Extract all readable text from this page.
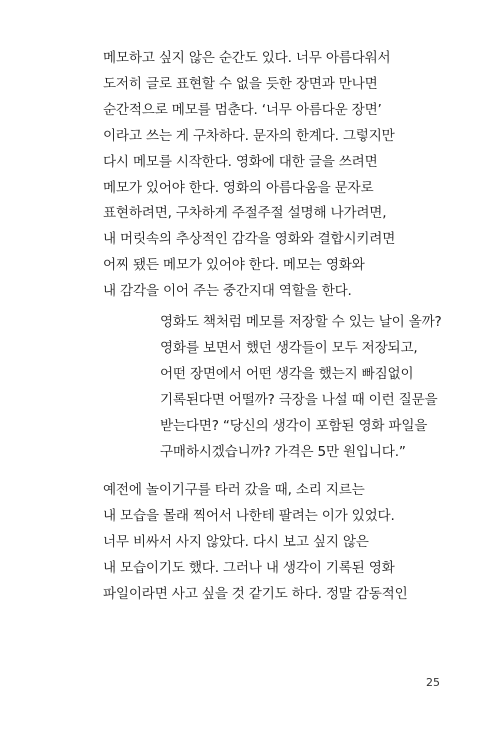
메모하고 싶지 않은 순간도 있다. 너무 아름다워서
도저히 글로 표현할 수 없을 듯한 장면과 만나면
순간적으로 메모를 멈춘다. ‘너무 아름다운 장면’
이라고 쓰는 게 구차하다. 문자의 한계다. 그렇지만
다시 메모를 시작한다. 영화에 대한 글을 쓰려면
메모가 있어야 한다. 영화의 아름다움을 문자로
표현하려면, 구차하게 주절주절 설명해 나가려면,
내 머릿속의 추상적인 감각을 영화와 결합시키려면
어찌 됐든 메모가 있어야 한다. 메모는 영화와
내 감각을 이어 주는 중간지대 역할을 한다.
영화도 책처럼 메모를 저장할 수 있는 날이 올까?
영화를 보면서 했던 생각들이 모두 저장되고,
어떤 장면에서 어떤 생각을 했는지 빠짐없이
기록된다면 어떨까? 극장을 나설 때 이런 질문을
받는다면? “당신의 생각이 포함된 영화 파일을
구매하시겠습니까? 가격은 5만 원입니다.”
예전에 놀이기구를 타러 갔을 때, 소리 지르는
내 모습을 몰래 찍어서 나한테 팔려는 이가 있었다.
너무 비싸서 사지 않았다. 다시 보고 싶지 않은
내 모습이기도 했다. 그러나 내 생각이 기록된 영화
파일이라면 사고 싶을 것 같기도 하다. 정말 감동적인
25
